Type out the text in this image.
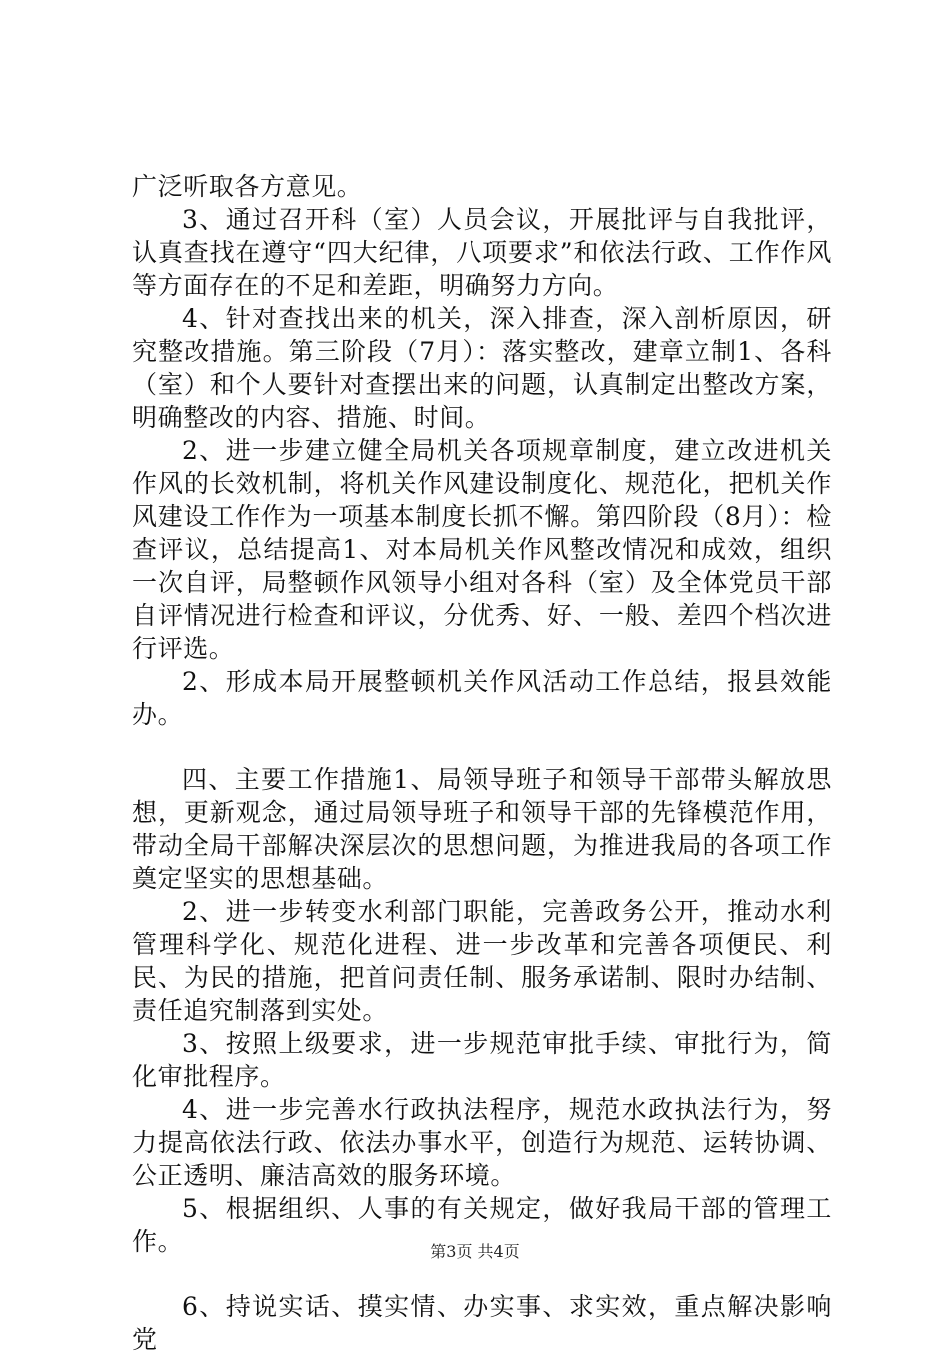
广泛听取各方意见。

3、通过召开科（室）人员会议，开展批评与自我批评，认真查找在遵守“四大纪律，八项要求”和依法行政、工作作风等方面存在的不足和差距，明确努力方向。

4、针对查找出来的机关，深入排查，深入剖析原因，研究整改措施。第三阶段（7月）：落实整改，建章立制1、各科（室）和个人要针对查摆出来的问题，认真制定出整改方案，明确整改的内容、措施、时间。

2、进一步建立健全局机关各项规章制度，建立改进机关作风的长效机制，将机关作风建设制度化、规范化，把机关作风建设工作作为一项基本制度长抓不懈。第四阶段（8月）：检查评议，总结提高1、对本局机关作风整改情况和成效，组织一次自评，局整顿作风领导小组对各科（室）及全体党员干部自评情况进行检查和评议，分优秀、好、一般、差四个档次进行评选。

2、形成本局开展整顿机关作风活动工作总结，报县效能办。

四、主要工作措施1、局领导班子和领导干部带头解放思想，更新观念，通过局领导班子和领导干部的先锋模范作用，带动全局干部解决深层次的思想问题，为推进我局的各项工作奠定坚实的思想基础。

2、进一步转变水利部门职能，完善政务公开，推动水利管理科学化、规范化进程、进一步改革和完善各项便民、利民、为民的措施，把首问责任制、服务承诺制、限时办结制、责任追究制落到实处。

3、按照上级要求，进一步规范审批手续、审批行为，简化审批程序。

4、进一步完善水行政执法程序，规范水政执法行为，努力提高依法行政、依法办事水平，创造行为规范、运转协调、公正透明、廉洁高效的服务环境。

5、根据组织、人事的有关规定，做好我局干部的管理工作。

6、持说实话、摸实情、办实事、求实效，重点解决影响党

第3页 共4页
